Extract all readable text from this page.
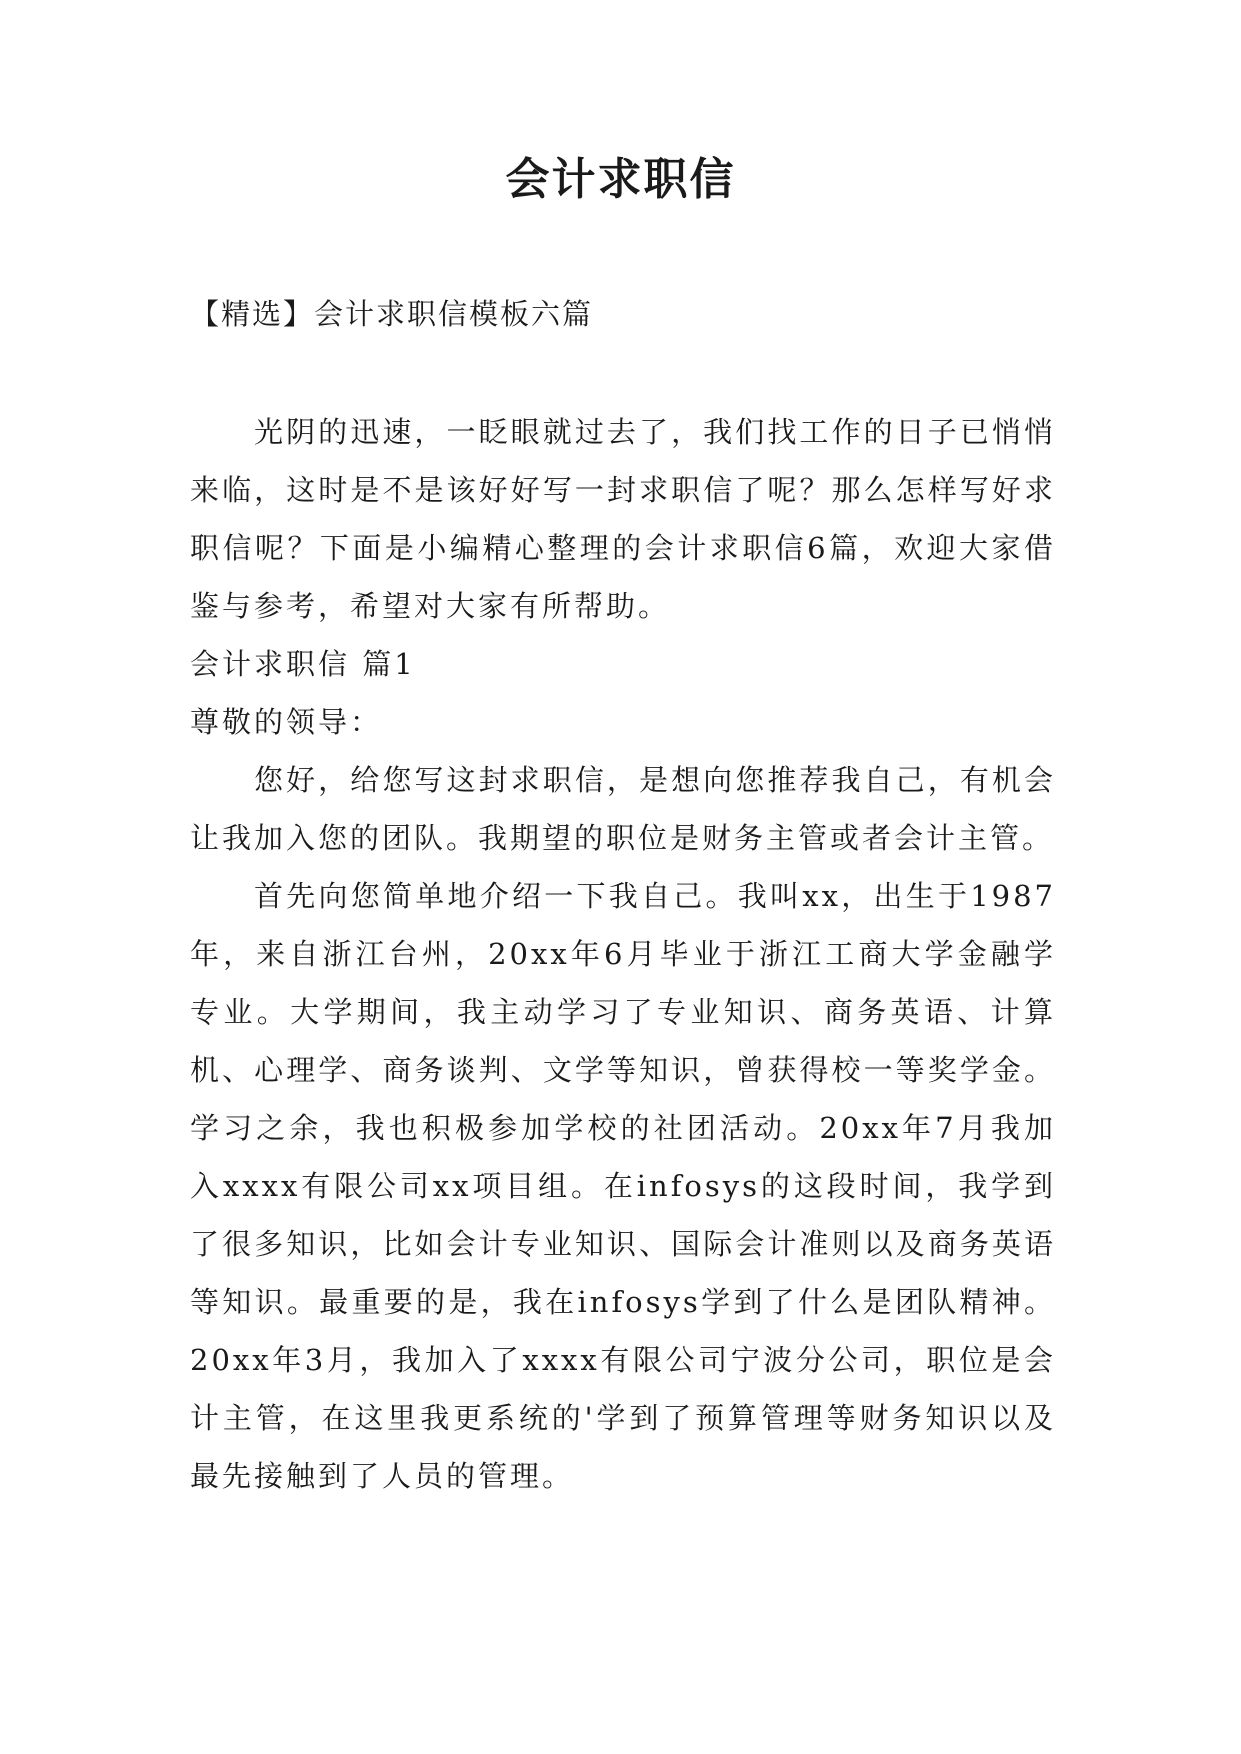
会计求职信
【精选】会计求职信模板六篇

光阴的迅速，一眨眼就过去了，我们找工作的日子已悄悄来临，这时是不是该好好写一封求职信了呢？那么怎样写好求职信呢？下面是小编精心整理的会计求职信6篇，欢迎大家借鉴与参考，希望对大家有所帮助。

会计求职信 篇1

尊敬的领导：

您好，给您写这封求职信，是想向您推荐我自己，有机会让我加入您的团队。我期望的职位是财务主管或者会计主管。

首先向您简单地介绍一下我自己。我叫xx，出生于1987年，来自浙江台州，20xx年6月毕业于浙江工商大学金融学专业。大学期间，我主动学习了专业知识、商务英语、计算机、心理学、商务谈判、文学等知识，曾获得校一等奖学金。学习之余，我也积极参加学校的社团活动。20xx年7月我加入xxxx有限公司xx项目组。在infosys的这段时间，我学到了很多知识，比如会计专业知识、国际会计准则以及商务英语等知识。最重要的是，我在infosys学到了什么是团队精神。20xx年3月，我加入了xxxx有限公司宁波分公司，职位是会计主管，在这里我更系统的'学到了预算管理等财务知识以及最先接触到了人员的管理。
